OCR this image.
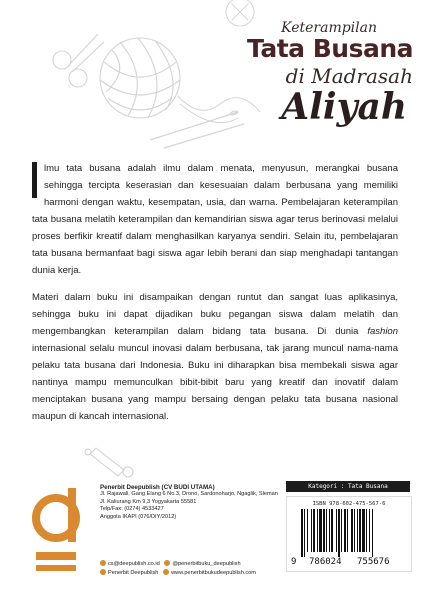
Keterampilan
Tata Busana
di Madrasah
Aliyah

lmu tata busana adalah ilmu dalam menata, menyusun, merangkai busana sehingga tercipta keserasian dan kesesuaian dalam berbusana yang memiliki harmoni dengan waktu, kesempatan, usia, dan warna. Pembelajaran keterampilan tata busana melatih keterampilan dan kemandirian siswa agar terus berinovasi melalui proses berfikir kreatif dalam menghasilkan karyanya sendiri. Selain itu, pembelajaran tata busana bermanfaat bagi siswa agar lebih berani dan siap menghadapi tantangan dunia kerja.

Materi dalam buku ini disampaikan dengan runtut dan sangat luas aplikasinya, sehingga buku ini dapat dijadikan buku pegangan siswa dalam melatih dan mengembangkan keterampilan dalam bidang tata busana. Di dunia fashion internasional selalu muncul inovasi dalam berbusana, tak jarang muncul nama-nama pelaku tata busana dari Indonesia. Buku ini diharapkan bisa membekali siswa agar nantinya mampu memunculkan bibit-bibit baru yang kreatif dan inovatif dalam menciptakan busana yang mampu bersaing dengan pelaku tata busana nasional maupun di kancah internasional.

Penerbit Deepublish (CV BUDI UTAMA)
Jl. Rajawali, Gang Elang 6 No.3, Drono, Sardonoharjo, Ngaglik, Sleman
Jl. Kaliurang Km 9,3 Yogyakarta 55581
Telp/Fax: (0274) 4533427
Anggota IKAPI (076/DIY/2012)
cs@deepublish.co.id @penerbitbuku_deepublish
Penerbit Deepublish www.penerbitbukudeepublish.com
Kategori : Tata Busana
ISBN 978-602-475-567-6
9 786024 755676
